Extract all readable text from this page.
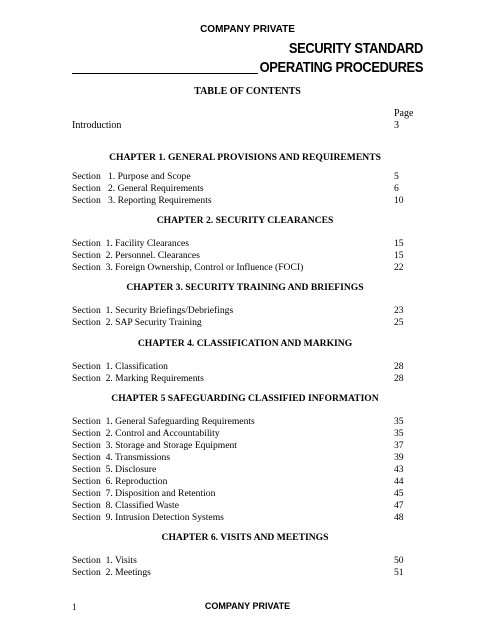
COMPANY PRIVATE
SECURITY STANDARD
OPERATING PROCEDURES
TABLE OF CONTENTS
Page
Introduction	3
CHAPTER 1. GENERAL PROVISIONS AND REQUIREMENTS
Section   1. Purpose and Scope	5
Section   2. General Requirements	6
Section   3. Reporting Requirements	10
CHAPTER 2. SECURITY CLEARANCES
Section  1. Facility Clearances	15
Section  2. Personnel. Clearances	15
Section  3. Foreign Ownership, Control or Influence (FOCI)	22
CHAPTER 3. SECURITY TRAINING AND BRIEFINGS
Section  1. Security Briefings/Debriefings	23
Section  2. SAP Security Training	25
CHAPTER 4. CLASSIFICATION AND MARKING
Section  1. Classification	28
Section  2. Marking Requirements	28
CHAPTER 5 SAFEGUARDING CLASSIFIED INFORMATION
Section  1. General Safeguarding Requirements	35
Section  2. Control and Accountability	35
Section  3. Storage and Storage Equipment	37
Section  4. Transmissions	39
Section  5. Disclosure	43
Section  6. Reproduction	44
Section  7. Disposition and Retention	45
Section  8. Classified Waste	47
Section  9. Intrusion Detection Systems	48
CHAPTER 6. VISITS AND MEETINGS
Section  1. Visits	50
Section  2. Meetings	51
1	COMPANY PRIVATE
